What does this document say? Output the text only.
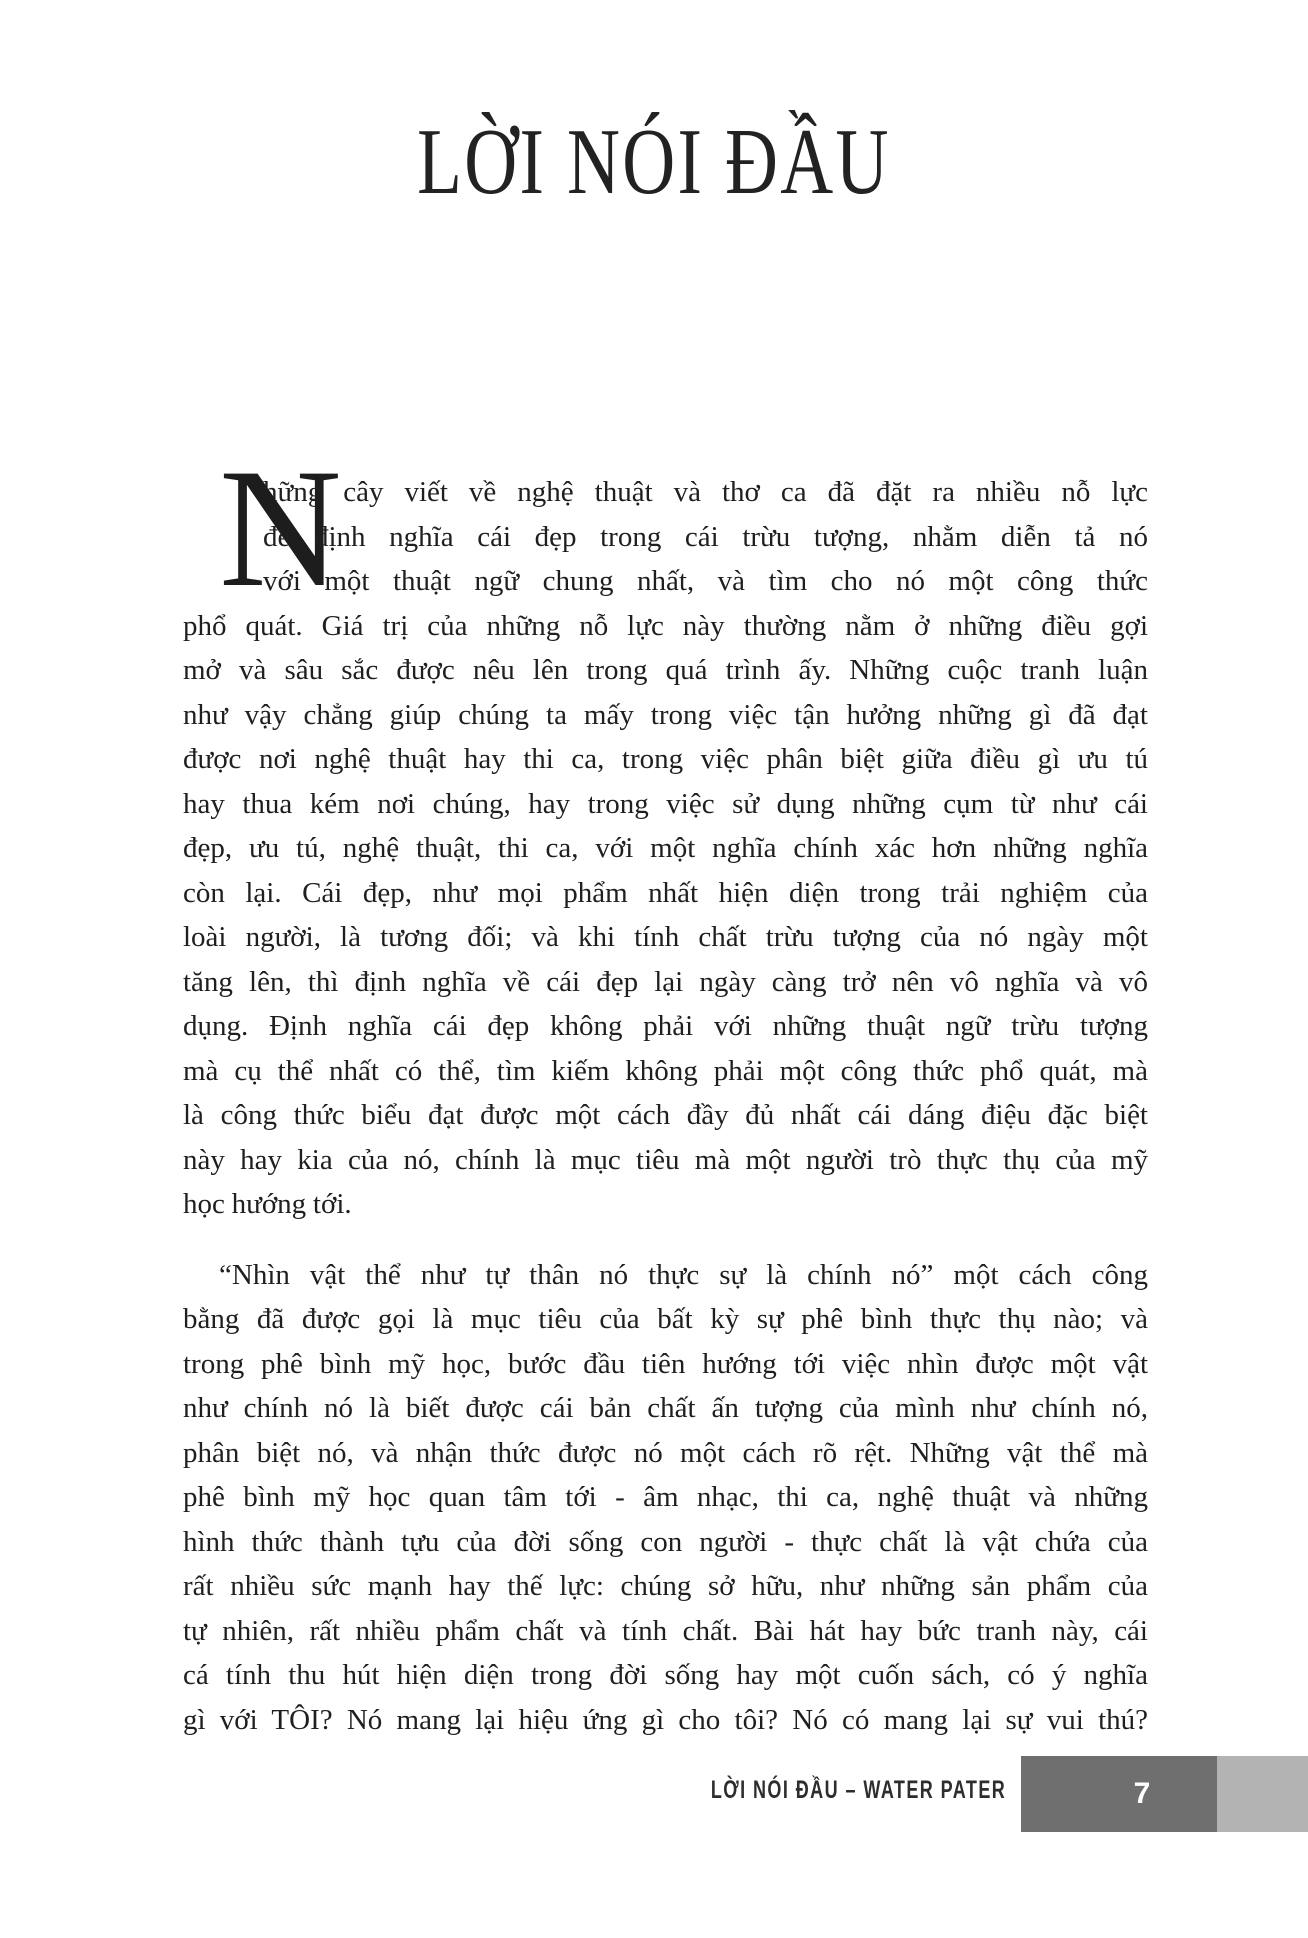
LỜI NÓI ĐẦU
N
hững cây viết về nghệ thuật và thơ ca đã đặt ra nhiều nỗ lực
để định nghĩa cái đẹp trong cái trừu tượng, nhằm diễn tả nó
với một thuật ngữ chung nhất, và tìm cho nó một công thức
phổ quát. Giá trị của những nỗ lực này thường nằm ở những điều gợi
mở và sâu sắc được nêu lên trong quá trình ấy. Những cuộc tranh luận
như vậy chẳng giúp chúng ta mấy trong việc tận hưởng những gì đã đạt
được nơi nghệ thuật hay thi ca, trong việc phân biệt giữa điều gì ưu tú
hay thua kém nơi chúng, hay trong việc sử dụng những cụm từ như cái
đẹp, ưu tú, nghệ thuật, thi ca, với một nghĩa chính xác hơn những nghĩa
còn lại. Cái đẹp, như mọi phẩm nhất hiện diện trong trải nghiệm của
loài người, là tương đối; và khi tính chất trừu tượng của nó ngày một
tăng lên, thì định nghĩa về cái đẹp lại ngày càng trở nên vô nghĩa và vô
dụng. Định nghĩa cái đẹp không phải với những thuật ngữ trừu tượng
mà cụ thể nhất có thể, tìm kiếm không phải một công thức phổ quát, mà
là công thức biểu đạt được một cách đầy đủ nhất cái dáng điệu đặc biệt
này hay kia của nó, chính là mục tiêu mà một người trò thực thụ của mỹ
học hướng tới.
“Nhìn vật thể như tự thân nó thực sự là chính nó” một cách công
bằng đã được gọi là mục tiêu của bất kỳ sự phê bình thực thụ nào; và
trong phê bình mỹ học, bước đầu tiên hướng tới việc nhìn được một vật
như chính nó là biết được cái bản chất ấn tượng của mình như chính nó,
phân biệt nó, và nhận thức được nó một cách rõ rệt. Những vật thể mà
phê bình mỹ học quan tâm tới - âm nhạc, thi ca, nghệ thuật và những
hình thức thành tựu của đời sống con người - thực chất là vật chứa của
rất nhiều sức mạnh hay thế lực: chúng sở hữu, như những sản phẩm của
tự nhiên, rất nhiều phẩm chất và tính chất. Bài hát hay bức tranh này, cái
cá tính thu hút hiện diện trong đời sống hay một cuốn sách, có ý nghĩa
gì với TÔI? Nó mang lại hiệu ứng gì cho tôi? Nó có mang lại sự vui thú?
LỜI NÓI ĐẦU – WATER PATER	7
